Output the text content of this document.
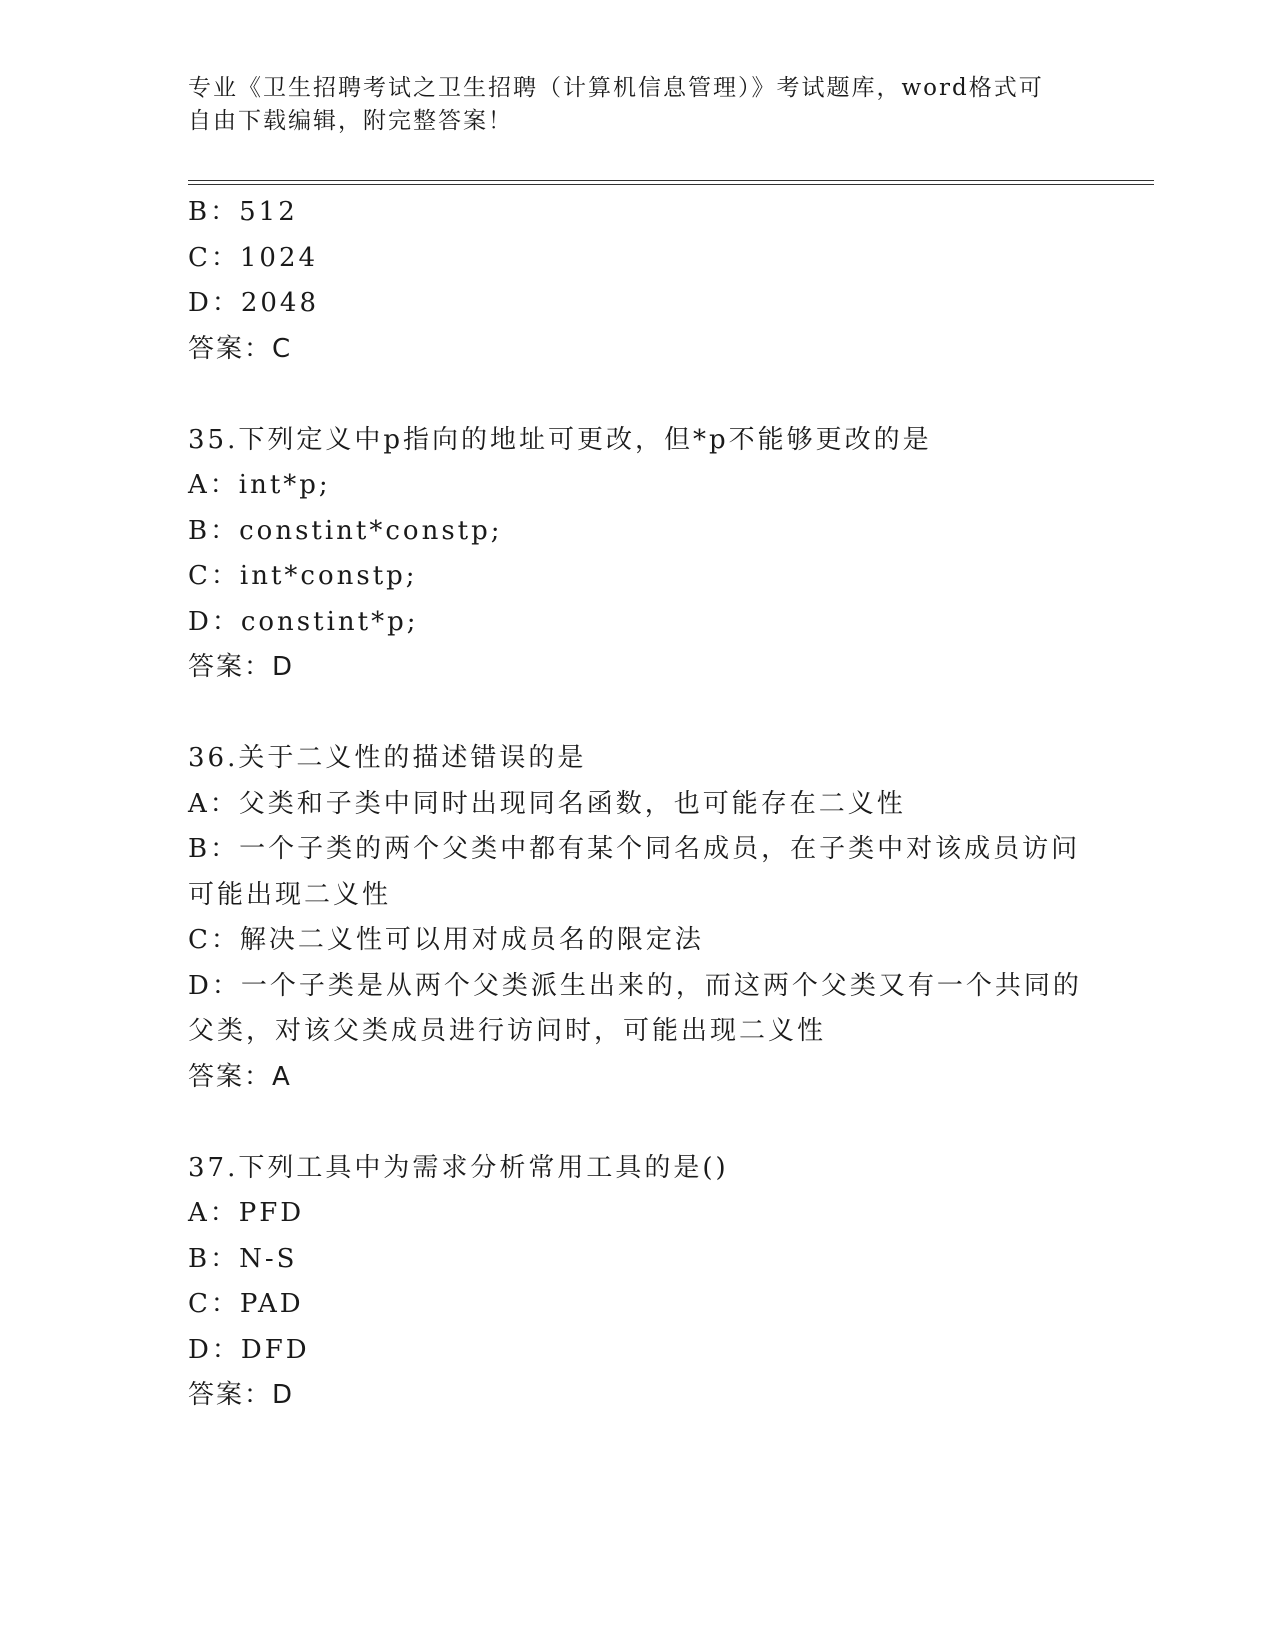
专业《卫生招聘考试之卫生招聘（计算机信息管理）》考试题库，word格式可自由下载编辑，附完整答案！
B：512
C：1024
D：2048
答案：C
35.下列定义中p指向的地址可更改，但*p不能够更改的是
A：int*p;
B：constint*constp;
C：int*constp;
D：constint*p;
答案：D
36.关于二义性的描述错误的是
A：父类和子类中同时出现同名函数，也可能存在二义性
B：一个子类的两个父类中都有某个同名成员，在子类中对该成员访问
可能出现二义性
C：解决二义性可以用对成员名的限定法
D：一个子类是从两个父类派生出来的，而这两个父类又有一个共同的
父类，对该父类成员进行访问时，可能出现二义性
答案：A
37.下列工具中为需求分析常用工具的是()
A：PFD
B：N-S
C：PAD
D：DFD
答案：D
